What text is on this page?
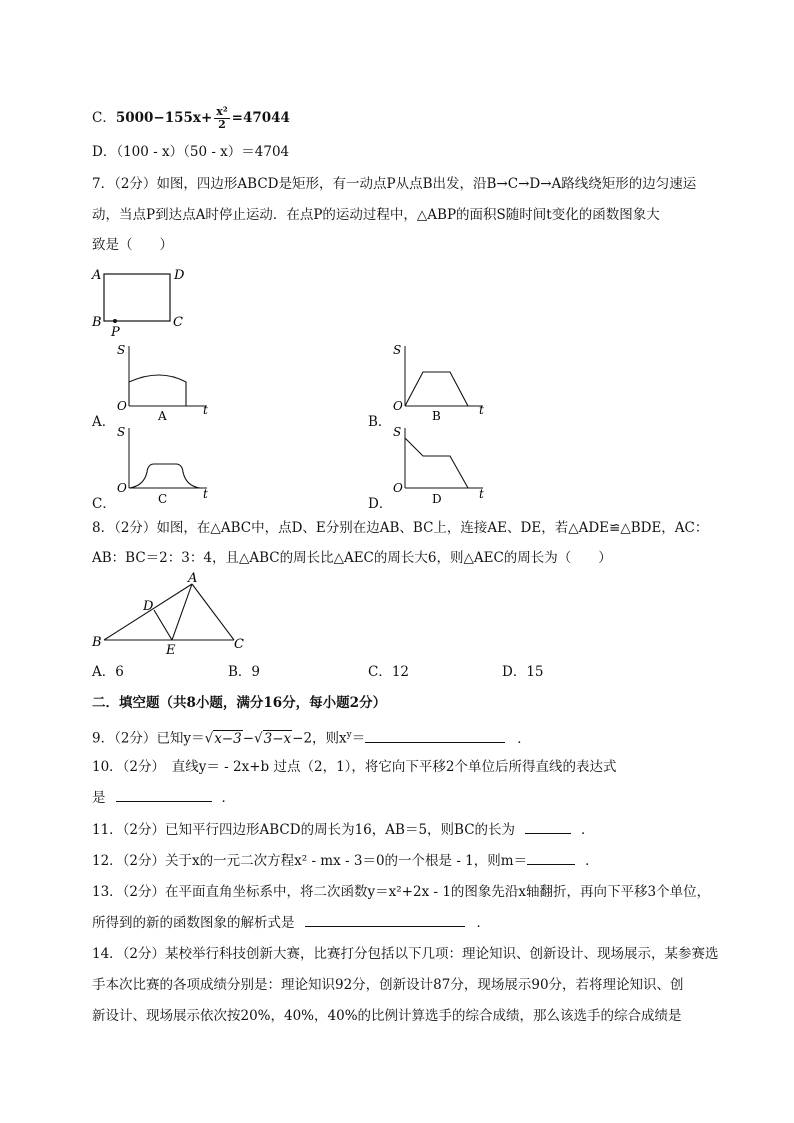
C．$5000-155x+ \frac{\text{x²}}{2} =47044$
D．（100 - x）（50 - x）＝4704
7．（2分）如图，四边形ABCD是矩形，有一动点P从点B出发，沿B→C→D→A路线绕矩形的边匀速运
动，当点P到达点A时停止运动．在点P的运动过程中，△ABP的面积S随时间t变化的函数图象大
致是（　　）
A	D
B	C
P
A．
S
O	t
A	B．
S
O	t
B
C．
S
O	t
C	D．
S
O	t
D
8．（2分）如图，在△ABC中，点D、E分别在边AB、BC上，连接AE、DE，若△ADE≌△BDE，AC：
AB：BC＝2：3：4，且△ABC的周长比△AEC的周长大6，则△AEC的周长为（　　）
A
B	C
D
E
A．6	B．9	C．12	D．15
二．填空题（共8小题，满分16分，每小题2分）
9．（2分）已知y＝√x−3−√3−x−2，则$x^y=$	．
10．（2分）　直线y＝ - 2x+b 过点（2，1），将它向下平移2个单位后所得直线的表达式
是	．
11．（2分）已知平行四边形ABCD的周长为16，AB＝5，则BC的长为	．
12．（2分）关于x的一元二次方程x² - mx - 3＝0的一个根是 - 1，则m＝	．
13．（2分）在平面直角坐标系中，将二次函数y＝x²+2x - 1的图象先沿x轴翻折，再向下平移3个单位，
所得到的新的函数图象的解析式是	．
14．（2分）某校举行科技创新大赛，比赛打分包括以下几项：理论知识、创新设计、现场展示，某参赛选
手本次比赛的各项成绩分别是：理论知识92分，创新设计87分，现场展示90分，若将理论知识、创
新设计、现场展示依次按20%，40%，40%的比例计算选手的综合成绩，那么该选手的综合成绩是
